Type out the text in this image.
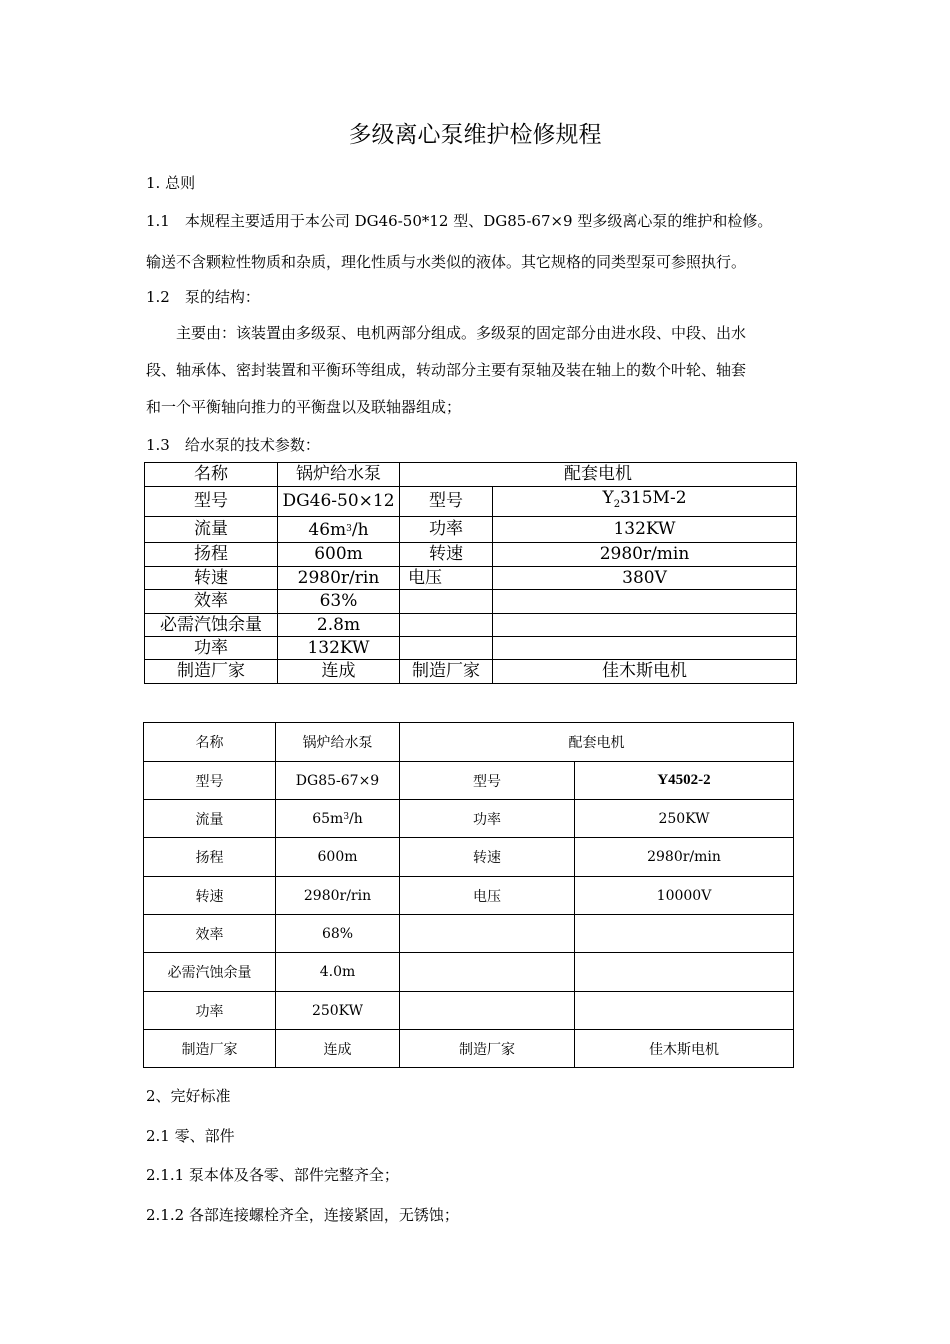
多级离心泵维护检修规程
1. 总则
1.1　本规程主要适用于本公司 DG46-50*12 型、DG85-67×9 型多级离心泵的维护和检修。
输送不含颗粒性物质和杂质，理化性质与水类似的液体。其它规格的同类型泵可参照执行。
1.2　泵的结构：
主要由：该装置由多级泵、电机两部分组成。多级泵的固定部分由进水段、中段、出水
段、轴承体、密封装置和平衡环等组成，转动部分主要有泵轴及装在轴上的数个叶轮、轴套
和一个平衡轴向推力的平衡盘以及联轴器组成；
1.3　给水泵的技术参数：
名称	锅炉给水泵	配套电机	
型号	DG46-50×12	型号	$Y_2315M-2$
流量	$46m^3/h$	功率	132KW
扬程	600m	转速	2980r/min
转速	2980r/rin	电压	380V
效率	63%		
必需汽蚀余量	2.8m		
功率	132KW		
制造厂家	连成	制造厂家	佳木斯电机
名称	锅炉给水泵	配套电机	
型号	DG85-67×9	型号	Y4502-2
流量	$65m^3/h$	功率	250KW
扬程	600m	转速	2980r/min
转速	2980r/rin	电压	10000V
效率	68%		
必需汽蚀余量	4.0m		
功率	250KW		
制造厂家	连成	制造厂家	佳木斯电机
2、完好标准
2.1 零、部件
2.1.1 泵本体及各零、部件完整齐全；
2.1.2 各部连接螺栓齐全，连接紧固，无锈蚀；
